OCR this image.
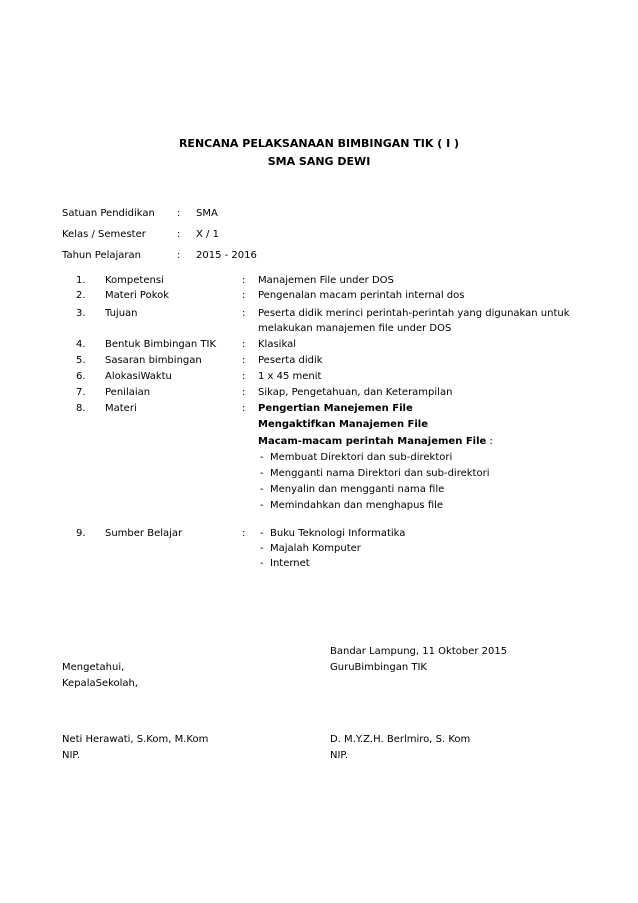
RENCANA PELAKSANAAN BIMBINGAN TIK ( I )
SMA SANG DEWI
Satuan Pendidikan : SMA
Kelas / Semester	: X / 1
Tahun Pelajaran	: 2015 - 2016
1. Kompetensi	: Manajemen File under DOS
2. Materi Pokok	: Pengenalan macam perintah internal dos
3. Tujuan	: Peserta didik merinci perintah-perintah yang digunakan untuk
melakukan manajemen file under DOS
4. Bentuk Bimbingan TIK	: Klasikal
5. Sasaran bimbingan	: Peserta didik
6. AlokasiWaktu	: 1 x 45 menit
7. Penilaian	: Sikap, Pengetahuan, dan Keterampilan
8. Materi	: Pengertian Manejemen File
Mengaktifkan Manajemen File
Macam-macam perintah Manajemen File :
- Membuat Direktori dan sub-direktori
- Mengganti nama Direktori dan sub-direktori
- Menyalin dan mengganti nama file
- Memindahkan dan menghapus file
9. Sumber Belajar	: - Buku Teknologi Informatika
- Majalah Komputer
- Internet
Bandar Lampung, 11 Oktober 2015
Mengetahui,	GuruBimbingan TIK
KepalaSekolah,
Neti Herawati, S.Kom, M.Kom	D. M.Y.Z.H. Berlmiro, S. Kom
NIP.	NIP.
